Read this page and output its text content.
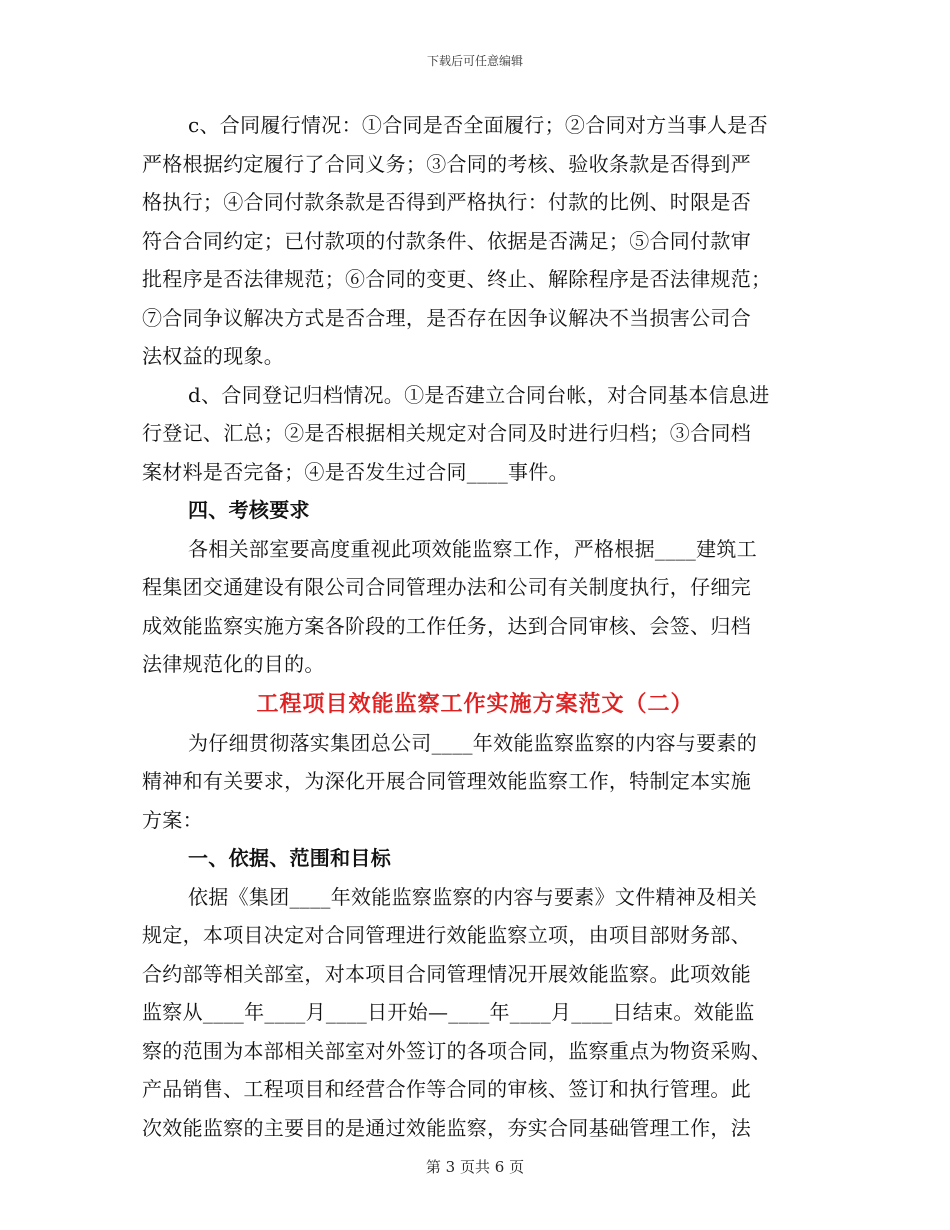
下载后可任意编辑
c、合同履行情况：①合同是否全面履行；②合同对方当事人是否
严格根据约定履行了合同义务；③合同的考核、验收条款是否得到严
格执行；④合同付款条款是否得到严格执行：付款的比例、时限是否
符合合同约定；已付款项的付款条件、依据是否满足；⑤合同付款审
批程序是否法律规范；⑥合同的变更、终止、解除程序是否法律规范；
⑦合同争议解决方式是否合理，是否存在因争议解决不当损害公司合
法权益的现象。
d、合同登记归档情况。①是否建立合同台帐，对合同基本信息进
行登记、汇总；②是否根据相关规定对合同及时进行归档；③合同档
案材料是否完备；④是否发生过合同____事件。
四、考核要求
各相关部室要高度重视此项效能监察工作，严格根据____建筑工
程集团交通建设有限公司合同管理办法和公司有关制度执行，仔细完
成效能监察实施方案各阶段的工作任务，达到合同审核、会签、归档
法律规范化的目的。
工程项目效能监察工作实施方案范文（二）
为仔细贯彻落实集团总公司____年效能监察监察的内容与要素的
精神和有关要求，为深化开展合同管理效能监察工作，特制定本实施
方案：
一、依据、范围和目标
依据《集团____年效能监察监察的内容与要素》文件精神及相关
规定，本项目决定对合同管理进行效能监察立项，由项目部财务部、
合约部等相关部室，对本项目合同管理情况开展效能监察。此项效能
监察从____年____月____日开始—____年____月____日结束。效能监
察的范围为本部相关部室对外签订的各项合同，监察重点为物资采购、
产品销售、工程项目和经营合作等合同的审核、签订和执行管理。此
次效能监察的主要目的是通过效能监察，夯实合同基础管理工作，法
第 3 页共 6 页
